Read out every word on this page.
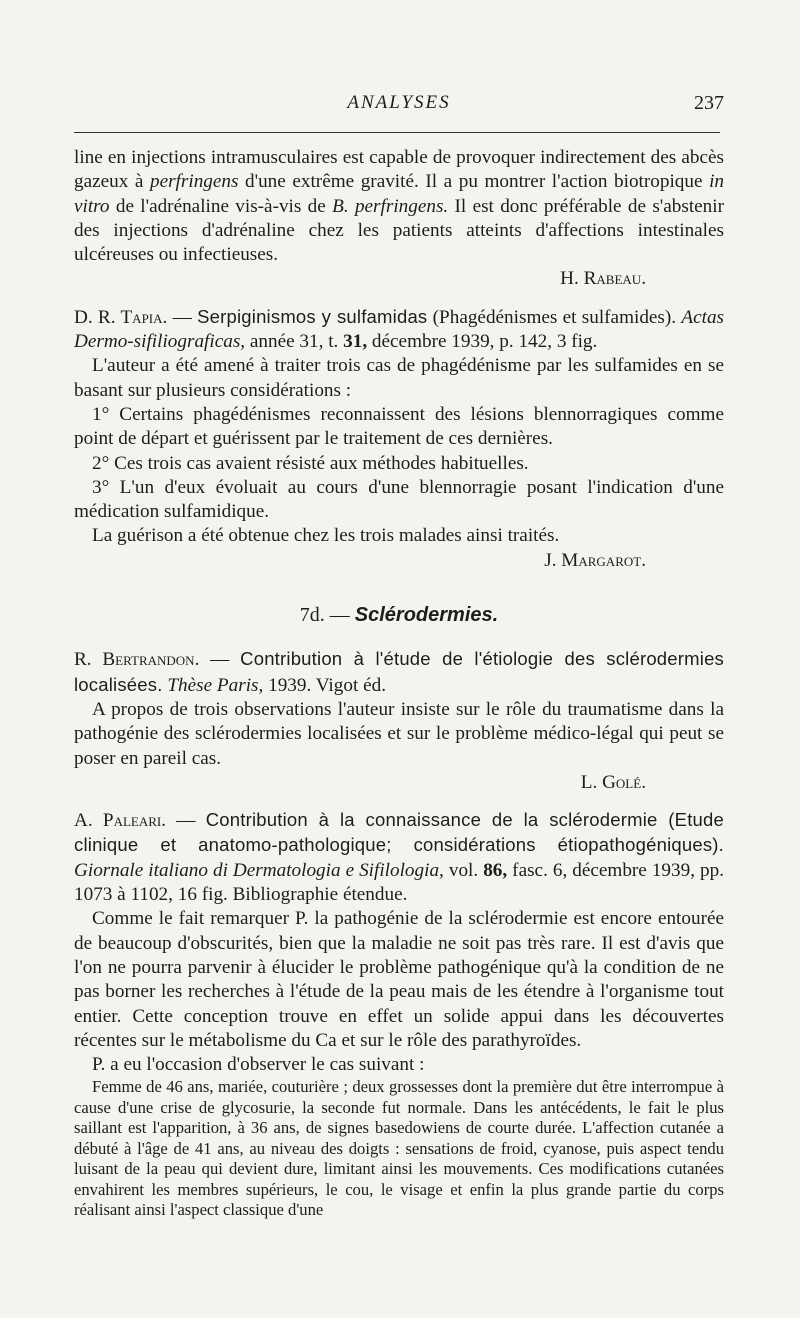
ANALYSES	237

line en injections intramusculaires est capable de provoquer indirectement des abcès gazeux à perfringens d'une extrême gravité. Il a pu montrer l'action biotropique in vitro de l'adrénaline vis-à-vis de B. perfringens. Il est donc préférable de s'abstenir des injections d'adrénaline chez les patients atteints d'affections intestinales ulcéreuses ou infectieuses.

H. Rabeau.

D. R. Tapia. — Serpiginismos y sulfamidas (Phagédénismes et sulfamides). Actas Dermo-sifiliograficas, année 31, t. 31, décembre 1939, p. 142, 3 fig.

L'auteur a été amené à traiter trois cas de phagédénisme par les sulfamides en se basant sur plusieurs considérations :

1° Certains phagédénismes reconnaissent des lésions blennorragiques comme point de départ et guérissent par le traitement de ces dernières.

2° Ces trois cas avaient résisté aux méthodes habituelles.

3° L'un d'eux évoluait au cours d'une blennorragie posant l'indication d'une médication sulfamidique.

La guérison a été obtenue chez les trois malades ainsi traités.

J. Margarot.

7d. — Sclérodermies.

R. Bertrandon. — Contribution à l'étude de l'étiologie des sclérodermies localisées. Thèse Paris, 1939. Vigot éd.

A propos de trois observations l'auteur insiste sur le rôle du traumatisme dans la pathogénie des sclérodermies localisées et sur le problème médico-légal qui peut se poser en pareil cas.

L. Golé.

A. Paleari. — Contribution à la connaissance de la sclérodermie (Etude clinique et anatomo-pathologique; considérations étiopathogéniques). Giornale italiano di Dermatologia e Sifilologia, vol. 86, fasc. 6, décembre 1939, pp. 1073 à 1102, 16 fig. Bibliographie étendue.

Comme le fait remarquer P. la pathogénie de la sclérodermie est encore entourée de beaucoup d'obscurités, bien que la maladie ne soit pas très rare. Il est d'avis que l'on ne pourra parvenir à élucider le problème pathogénique qu'à la condition de ne pas borner les recherches à l'étude de la peau mais de les étendre à l'organisme tout entier. Cette conception trouve en effet un solide appui dans les découvertes récentes sur le métabolisme du Ca et sur le rôle des parathyroïdes.

P. a eu l'occasion d'observer le cas suivant :

Femme de 46 ans, mariée, couturière ; deux grossesses dont la première dut être interrompue à cause d'une crise de glycosurie, la seconde fut normale. Dans les antécédents, le fait le plus saillant est l'apparition, à 36 ans, de signes basedowiens de courte durée. L'affection cutanée a débuté à l'âge de 41 ans, au niveau des doigts : sensations de froid, cyanose, puis aspect tendu luisant de la peau qui devient dure, limitant ainsi les mouvements. Ces modifications cutanées envahirent les membres supérieurs, le cou, le visage et enfin la plus grande partie du corps réalisant ainsi l'aspect classique d'une
